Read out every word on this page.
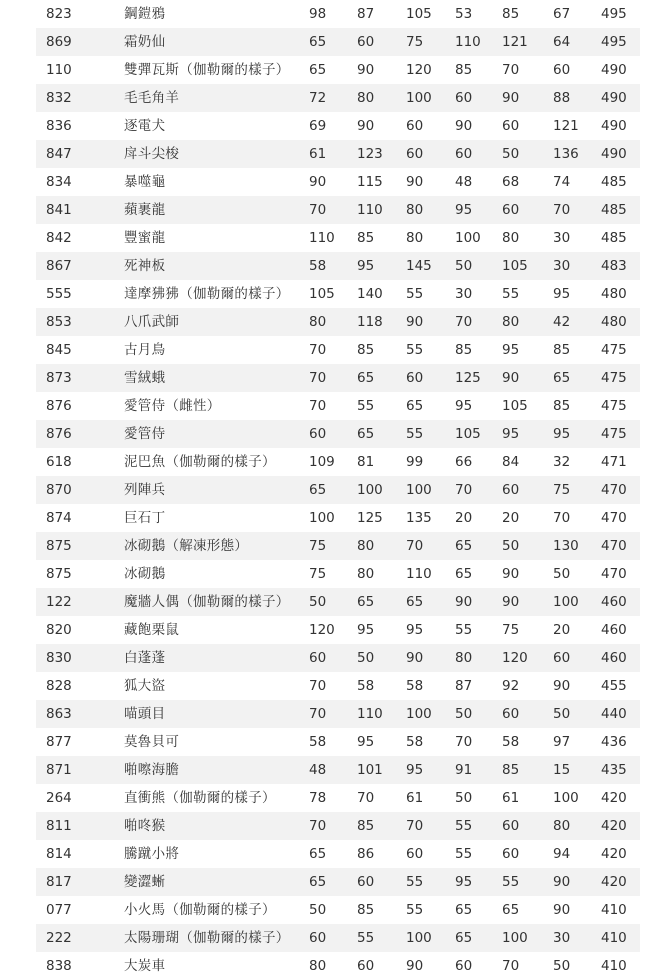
823	鋼鎧鴉	98	87	105	53	85	67	495
869	霜奶仙	65	60	75	110	121	64	495
110	雙彈瓦斯（伽勒爾的樣子）	65	90	120	85	70	60	490
832	毛毛角羊	72	80	100	60	90	88	490
836	逐電犬	69	90	60	90	60	121	490
847	戽斗尖梭	61	123	60	60	50	136	490
834	暴噬龜	90	115	90	48	68	74	485
841	蘋裹龍	70	110	80	95	60	70	485
842	豐蜜龍	110	85	80	100	80	30	485
867	死神板	58	95	145	50	105	30	483
555	達摩狒狒（伽勒爾的樣子）	105	140	55	30	55	95	480
853	八爪武師	80	118	90	70	80	42	480
845	古月鳥	70	85	55	85	95	85	475
873	雪絨蛾	70	65	60	125	90	65	475
876	愛管侍（雌性）	70	55	65	95	105	85	475
876	愛管侍	60	65	55	105	95	95	475
618	泥巴魚（伽勒爾的樣子）	109	81	99	66	84	32	471
870	列陣兵	65	100	100	70	60	75	470
874	巨石丁	100	125	135	20	20	70	470
875	冰砌鵝（解凍形態）	75	80	70	65	50	130	470
875	冰砌鵝	75	80	110	65	90	50	470
122	魔牆人偶（伽勒爾的樣子）	50	65	65	90	90	100	460
820	藏飽栗鼠	120	95	95	55	75	20	460
830	白蓬蓬	60	50	90	80	120	60	460
828	狐大盜	70	58	58	87	92	90	455
863	喵頭目	70	110	100	50	60	50	440
877	莫魯貝可	58	95	58	70	58	97	436
871	啪嚓海膽	48	101	95	91	85	15	435
264	直衝熊（伽勒爾的樣子）	78	70	61	50	61	100	420
811	啪咚猴	70	85	70	55	60	80	420
814	騰蹴小將	65	86	60	55	60	94	420
817	變澀蜥	65	60	55	95	55	90	420
077	小火馬（伽勒爾的樣子）	50	85	55	65	65	90	410
222	太陽珊瑚（伽勒爾的樣子）	60	55	100	65	100	30	410
838	大炭車	80	60	90	60	70	50	410
